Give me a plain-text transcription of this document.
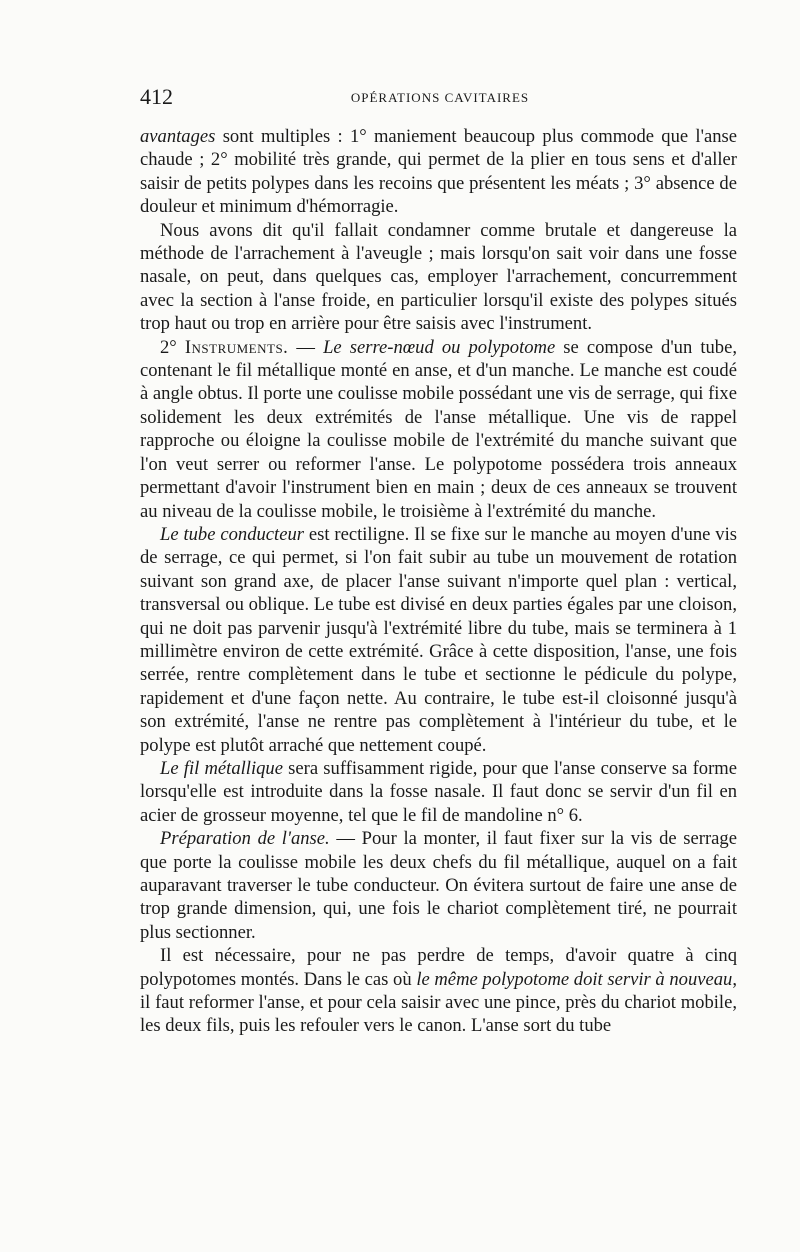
412	OPÉRATIONS CAVITAIRES

avantages sont multiples : 1° maniement beaucoup plus commode que l'anse chaude ; 2° mobilité très grande, qui permet de la plier en tous sens et d'aller saisir de petits polypes dans les recoins que présentent les méats ; 3° absence de douleur et minimum d'hémorragie.

Nous avons dit qu'il fallait condamner comme brutale et dangereuse la méthode de l'arrachement à l'aveugle ; mais lorsqu'on sait voir dans une fosse nasale, on peut, dans quelques cas, employer l'arrachement, concurremment avec la section à l'anse froide, en particulier lorsqu'il existe des polypes situés trop haut ou trop en arrière pour être saisis avec l'instrument.

2° Instruments. — Le serre-nœud ou polypotome se compose d'un tube, contenant le fil métallique monté en anse, et d'un manche. Le manche est coudé à angle obtus. Il porte une coulisse mobile possédant une vis de serrage, qui fixe solidement les deux extrémités de l'anse métallique. Une vis de rappel rapproche ou éloigne la coulisse mobile de l'extrémité du manche suivant que l'on veut serrer ou reformer l'anse. Le polypotome possédera trois anneaux permettant d'avoir l'instrument bien en main ; deux de ces anneaux se trouvent au niveau de la coulisse mobile, le troisième à l'extrémité du manche.

Le tube conducteur est rectiligne. Il se fixe sur le manche au moyen d'une vis de serrage, ce qui permet, si l'on fait subir au tube un mouvement de rotation suivant son grand axe, de placer l'anse suivant n'importe quel plan : vertical, transversal ou oblique. Le tube est divisé en deux parties égales par une cloison, qui ne doit pas parvenir jusqu'à l'extrémité libre du tube, mais se terminera à 1 millimètre environ de cette extrémité. Grâce à cette disposition, l'anse, une fois serrée, rentre complètement dans le tube et sectionne le pédicule du polype, rapidement et d'une façon nette. Au contraire, le tube est-il cloisonné jusqu'à son extrémité, l'anse ne rentre pas complètement à l'intérieur du tube, et le polype est plutôt arraché que nettement coupé.

Le fil métallique sera suffisamment rigide, pour que l'anse conserve sa forme lorsqu'elle est introduite dans la fosse nasale. Il faut donc se servir d'un fil en acier de grosseur moyenne, tel que le fil de mandoline n° 6.

Préparation de l'anse. — Pour la monter, il faut fixer sur la vis de serrage que porte la coulisse mobile les deux chefs du fil métallique, auquel on a fait auparavant traverser le tube conducteur. On évitera surtout de faire une anse de trop grande dimension, qui, une fois le chariot complètement tiré, ne pourrait plus sectionner.

Il est nécessaire, pour ne pas perdre de temps, d'avoir quatre à cinq polypotomes montés. Dans le cas où le même polypotome doit servir à nouveau, il faut reformer l'anse, et pour cela saisir avec une pince, près du chariot mobile, les deux fils, puis les refouler vers le canon. L'anse sort du tube
